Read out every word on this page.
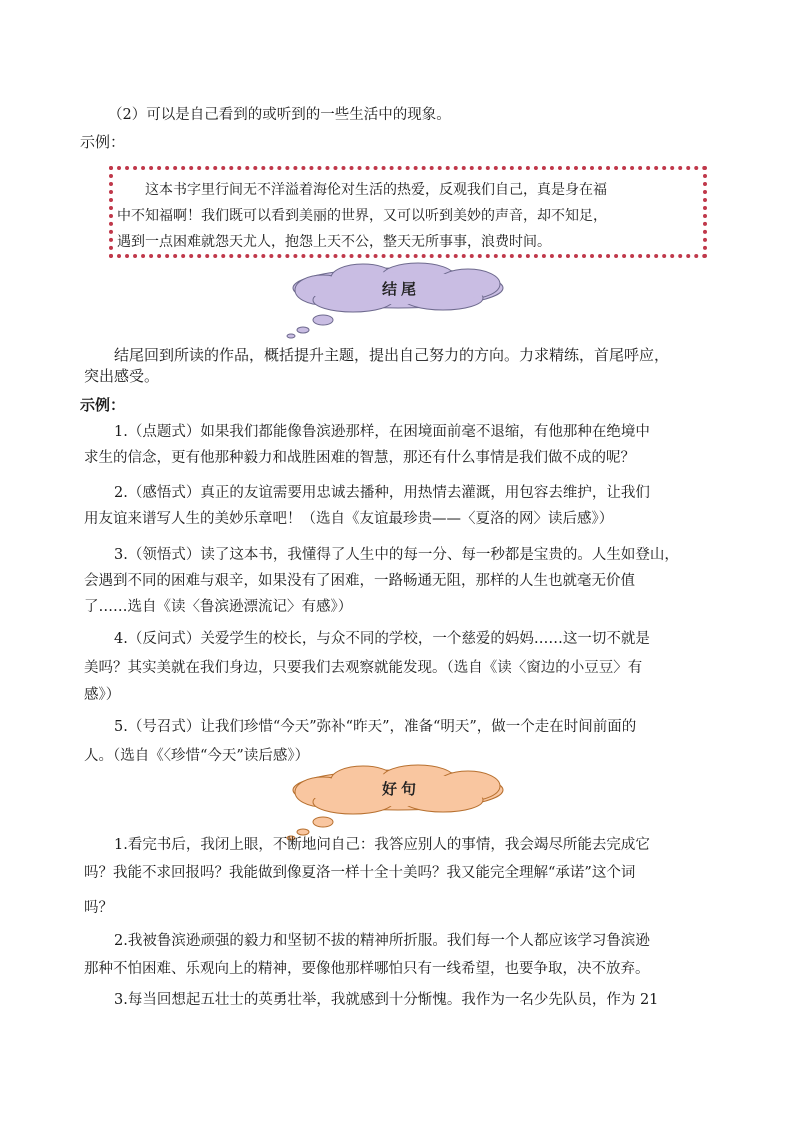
（2）可以是自己看到的或听到的一些生活中的现象。
示例：
这本书字里行间无不洋溢着海伦对生活的热爱，反观我们自己，真是身在福
中不知福啊！我们既可以看到美丽的世界，又可以听到美妙的声音，却不知足，
遇到一点困难就怨天尤人，抱怨上天不公，整天无所事事，浪费时间。
结尾
结尾回到所读的作品，概括提升主题，提出自己努力的方向。力求精练，首尾呼应，
突出感受。
示例：
1.（点题式）如果我们都能像鲁滨逊那样，在困境面前毫不退缩，有他那种在绝境中
求生的信念，更有他那种毅力和战胜困难的智慧，那还有什么事情是我们做不成的呢？
2.（感悟式）真正的友谊需要用忠诚去播种，用热情去灌溉，用包容去维护，让我们
用友谊来谱写人生的美妙乐章吧！（选自《友谊最珍贵——〈夏洛的网〉读后感》）
3.（领悟式）读了这本书，我懂得了人生中的每一分、每一秒都是宝贵的。人生如登山，
会遇到不同的困难与艰辛，如果没有了困难，一路畅通无阻，那样的人生也就毫无价值
了……选自《读〈鲁滨逊漂流记〉有感》）
4.（反问式）关爱学生的校长，与众不同的学校，一个慈爱的妈妈……这一切不就是
美吗？其实美就在我们身边，只要我们去观察就能发现。（选自《读〈窗边的小豆豆〉有
感》）
5.（号召式）让我们珍惜“今天”弥补“昨天”，准备“明天”，做一个走在时间前面的
人。（选自《〈珍惜“今天”读后感》）
好句
1.看完书后，我闭上眼，不断地问自己：我答应别人的事情，我会竭尽所能去完成它
吗？我能不求回报吗？我能做到像夏洛一样十全十美吗？我又能完全理解“承诺”这个词
吗？
2.我被鲁滨逊顽强的毅力和坚韧不拔的精神所折服。我们每一个人都应该学习鲁滨逊
那种不怕困难、乐观向上的精神，要像他那样哪怕只有一线希望，也要争取，决不放弃。
3.每当回想起五壮士的英勇壮举，我就感到十分惭愧。我作为一名少先队员，作为 21
